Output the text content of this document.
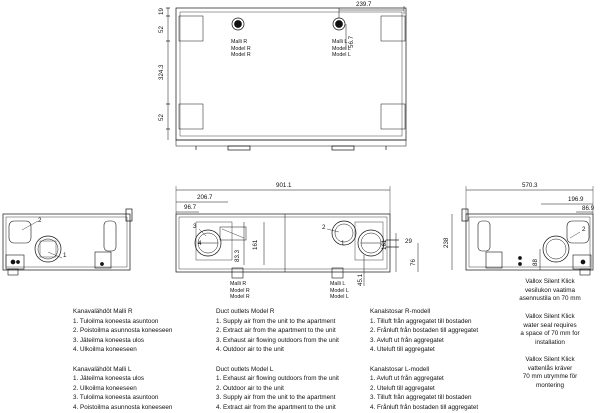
239.7
19
52
324.3
52
56.7
Malli R
Model R
Model R
Malli L
Model L
Model L
901.1
206.7
96.7
83.3
161	161	29
76
45.1
Malli R
Model R
Model R
Malli L
Model L
Model L
570.3
196.9
86.9
238
88
2
1
3
4
2
1
2
Kanavalähdöt Malli R
1. Tuloilma koneesta asuntoon
2. Poistoilma asunnosta koneeseen
3. Jäteilma koneesta ulos
4. Ulkoilma koneeseen
Kanavalähdöt Malli L
1. Jäteilma koneesta ulos
2. Ulkoilma koneeseen
3. Tuloilma koneesta asuntoon
4. Poistoilma asunnosta koneeseen
Duct outlets Model R
1. Supply air from the unit to the apartment
2. Extract air from the apartment to the unit
3. Exhaust air flowing outdoors from the unit
4. Outdoor air to the unit
Duct outlets Model L
1. Exhaust air flowing outdoors from the unit
2. Outdoor air to the unit
3. Supply air from the unit to the apartment
4. Extract air from the apartment to the unit
Kanalstosar R-modell
1. Tilluft från aggregatet till bostaden
2. Frånluft från bostaden till aggregatet
3. Avluft ut från aggregatet
4. Uteluft till aggregatet
Kanalstosar L-modell
1. Avluft ut från aggregatet
2. Uteluft till aggregatet
3. Tilluft från aggregatet till bostaden
4. Frånluft från bostaden till aggregatet
Vallox Silent Klick
vesilukon vaatima
asennustila on 70 mm
Vallox Silent Klick
water seal requires
a space of 70 mm for
installation
Vallox Silent Klick
vattenlås kräver
70 mm utrymme för
montering
